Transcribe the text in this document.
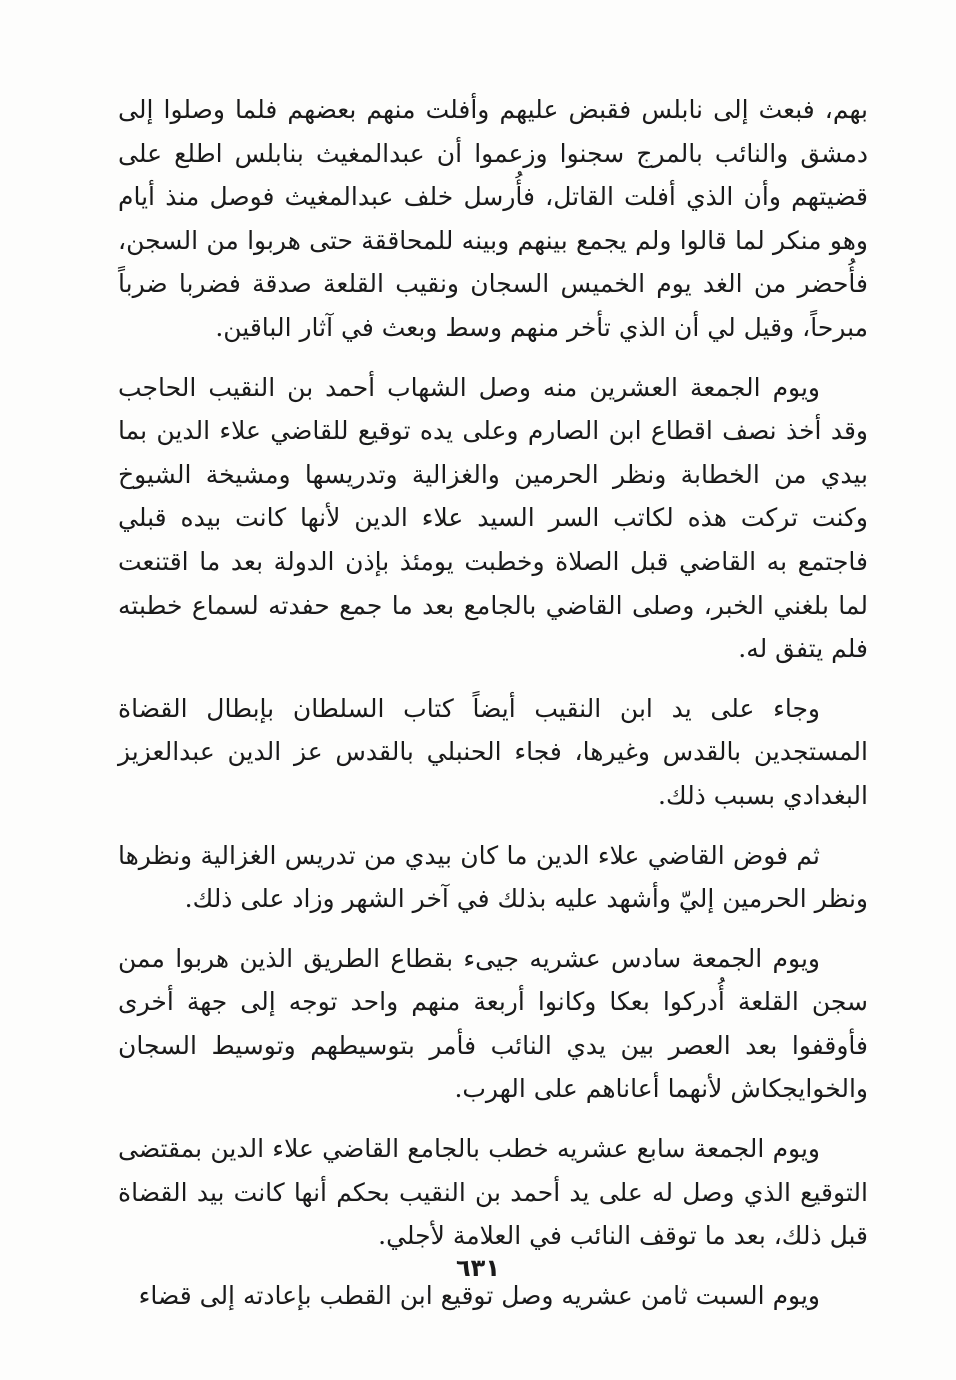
بهم، فبعث إلى نابلس فقبض عليهم وأفلت منهم بعضهم فلما وصلوا إلى دمشق والنائب بالمرج سجنوا وزعموا أن عبدالمغيث بنابلس اطلع على قضيتهم وأن الذي أفلت القاتل، فأُرسل خلف عبدالمغيث فوصل منذ أيام وهو منكر لما قالوا ولم يجمع بينهم وبينه للمحاققة حتى هربوا من السجن، فأُحضر من الغد يوم الخميس السجان ونقيب القلعة صدقة فضربا ضرباً مبرحاً، وقيل لي أن الذي تأخر منهم وسط وبعث في آثار الباقين.

ويوم الجمعة العشرين منه وصل الشهاب أحمد بن النقيب الحاجب وقد أخذ نصف اقطاع ابن الصارم وعلى يده توقيع للقاضي علاء الدين بما بيدي من الخطابة ونظر الحرمين والغزالية وتدريسها ومشيخة الشيوخ وكنت تركت هذه لكاتب السر السيد علاء الدين لأنها كانت بيده قبلي فاجتمع به القاضي قبل الصلاة وخطبت يومئذ بإذن الدولة بعد ما اقتنعت لما بلغني الخبر، وصلى القاضي بالجامع بعد ما جمع حفدته لسماع خطبته فلم يتفق له.

وجاء على يد ابن النقيب أيضاً كتاب السلطان بإبطال القضاة المستجدين بالقدس وغيرها، فجاء الحنبلي بالقدس عز الدين عبدالعزيز البغدادي بسبب ذلك.

ثم فوض القاضي علاء الدين ما كان بيدي من تدريس الغزالية ونظرها ونظر الحرمين إليّ وأشهد عليه بذلك في آخر الشهر وزاد على ذلك.

ويوم الجمعة سادس عشريه جيىء بقطاع الطريق الذين هربوا ممن سجن القلعة أُدركوا بعكا وكانوا أربعة منهم واحد توجه إلى جهة أخرى فأوقفوا بعد العصر بين يدي النائب فأمر بتوسيطهم وتوسيط السجان والخوايجكاش لأنهما أعاناهم على الهرب.

ويوم الجمعة سابع عشريه خطب بالجامع القاضي علاء الدين بمقتضى التوقيع الذي وصل له على يد أحمد بن النقيب بحكم أنها كانت بيد القضاة قبل ذلك، بعد ما توقف النائب في العلامة لأجلي.

ويوم السبت ثامن عشريه وصل توقيع ابن القطب بإعادته إلى قضاء

٦٣١
